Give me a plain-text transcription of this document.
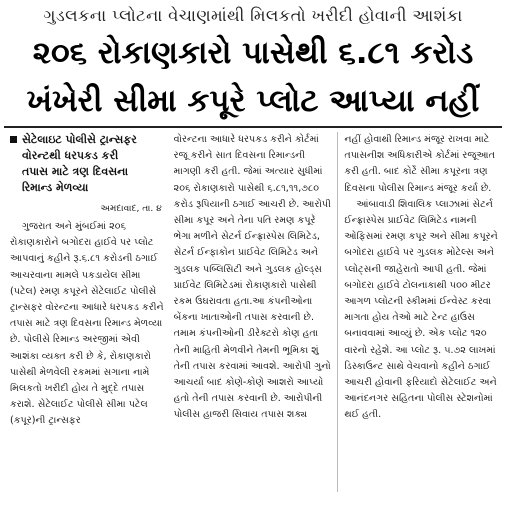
ગુડલકના પ્લોટના વેચાણમાંથી મિલકતો ખરીદી હોવાની આશંકા
૨૦૬ રોકાણકારો પાસેથી ૬.૮૧ કરોડ
ખંખેરી સીમા કપૂરે પ્લોટ આપ્યા નહીં
સેટેલાઇટ પોલીસે ટ્રાન્સફર
વોરન્ટથી ધરપકડ કરી
તપાસ માટે ત્રણ દિવસના
રિમાન્ડ મેળવ્યા
અમદાવાદ, તા. ૪

ગુજરાત અને મુંબઈમાં ૨૦૬ રોકાણકારોને બગોદરા હાઈવે પર પ્લોટ આપવાનું કહીને રૂ.૬.૮૧ કરોડની ઠગાઈ આચરવાના મામલે પકડાયેલ સીમા (પટેલ) રમણ કપૂરને સેટેલાઈટ પોલીસે ટ્રાન્સફર વોરન્ટના આધારે ધરપકડ કરીને તપાસ માટે ત્રણ દિવસના રિમાન્ડ મેળવ્યા છે. પોલીસે રિમાન્ડ અરજીમાં એવી આશંકા વ્યક્ત કરી છે કે, રોકાણકારો પાસેથી મેળવેલી રકમમાં સગાના નામે મિલકતો ખરીદી હોય તે મુદ્દે તપાસ કરાશે. સેટેલાઈટ પોલીસે સીમા પટેલ (કપૂર)ની ટ્રાન્સફર

વોરન્ટના આધારે ધરપકડ કરીને કોર્ટમાં રજૂ કરીને સાત દિવસના રિમાન્ડની માગણી કરી હતી. જેમાં અત્યાર સુધીમાં ૨૦૬ રોકાણકારો પાસેથી ૬.૮૧,૧૧,૭૮૦ કરોડ રૂપિયાની ઠગાઈ આચરી છે. આરોપી સીમા કપૂર અને તેના પતિ રમણ કપૂરે ભેગા મળીને સેટર્ન ઈન્ફ્રાસ્પેસ લિમિટેડ, સેટર્ન ઈન્ફાકોન પ્રાઈવેટ લિમિટેડ અને ગુડલક પબ્લિસિટી અને ગુડલક હોલ્ડ્સ પ્રાઈવેટ લિમિટેડમાં રોકાણકારો પાસેથી રકમ ઉઘરાવતા હતા.આ કંપનીઓના બેંકના ખાતાઓની તપાસ કરવાની છે. તમામ કંપનીઓની ડીરેક્ટરો કોણ હતા તેની માહિતી મેળવીને તેમની ભૂમિકા શું તેની તપાસ કરવામાં આવશે. આરોપી ગુનો આચર્યા બાદ કોણે-કોણે આશરો આપ્યો હતો તેની તપાસ કરવાની છે. આરોપીની પોલીસ હાજરી સિવાય તપાસ શક્ય

નહીં હોવાથી રિમાન્ડ મંજૂર રાખવા માટે તપાસનીશ અધિકારીએ કોર્ટમાં રજૂઆત કરી હતી. બાદ કોર્ટે સીમા કપૂરના ત્રણ દિવસના પોલીસ રિમાન્ડ મંજૂર કર્યા છે.

આંબાવાડી શિવાલિક પ્લાઝામાં સેટર્ન ઈન્ફ્રાસ્પેસ પ્રાઈવેટ લિમિટેડ નામની ઓફિસમાં રમણ કપૂર અને સીમા કપૂરને બગોદરા હાઈવે પર ગુડલક મોટેલ્સ અને પ્લોટ્સની જાહેરાતો આપી હતી. જેમાં બગોદરા હાઈવે ટોલનાકાથી ૫૦૦ મીટર આગળ પ્લોટની સ્કીમમાં ઈન્વેસ્ટ કરવા માગતા હોય તેઓ માટે ટેન્ટ હાઉસ બનાવવામાં આવ્યું છે. એક પ્લોટ ૧૨૦ વારનો રહેશે. આ પ્લોટ રૂ. ૫.૭૨ લાખમાં ડિસ્કાઉન્ટ સાથે વેચવાનો કહીને ઠગાઈ આચરી હોવાની ફરિયાદો સેટેલાઈટ અને આનંદનગર સહિતના પોલીસ સ્ટેશનોમાં થઈ હતી.
